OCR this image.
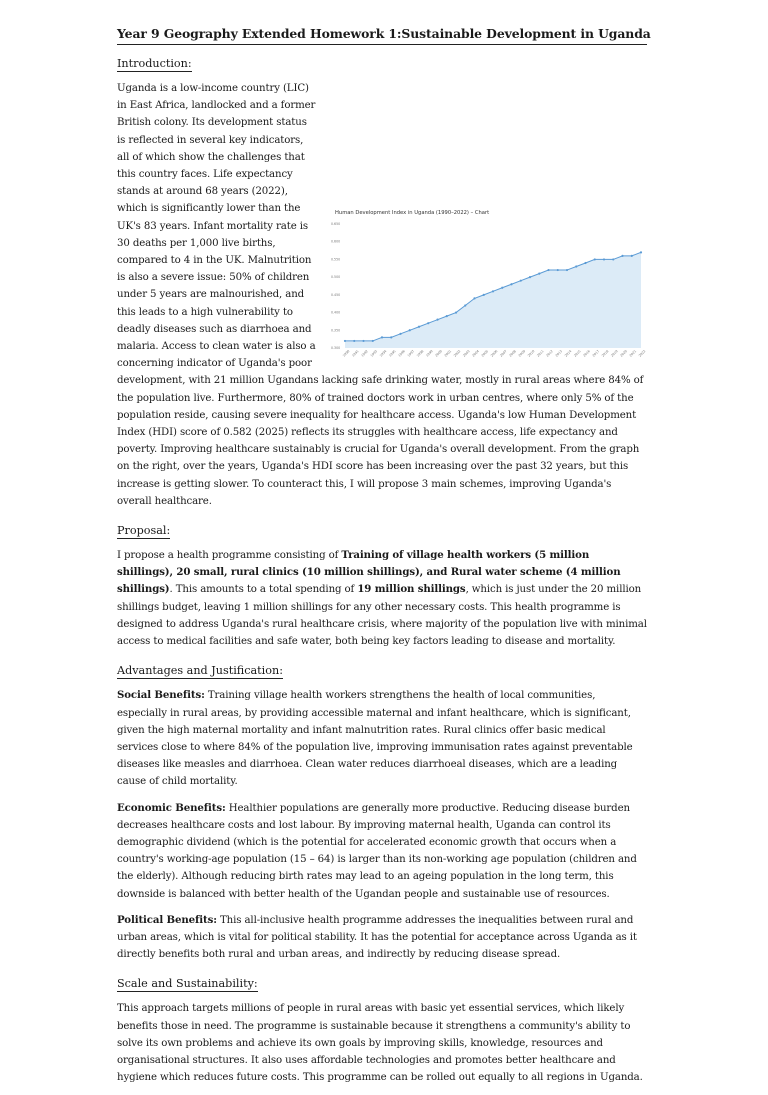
Year 9 Geography Extended Homework 1:Sustainable Development in Uganda
Introduction:
Human Development Index in Uganda (1990–2022) – Chart
0.300
0.350
0.400
0.450
0.500
0.550
0.600
0.650
1990 1991 1992 1993 1994 1995 1996 1997 1998 1999 2000 2001 2002 2003 2004 2005 2006 2007 2008 2009 2010 2011 2012 2013 2014 2015 2016 2017 2018 2019 2020 2021 2022

Uganda is a low-income country (LIC) in East Africa, landlocked and a former British colony. Its development status is reflected in several key indicators, all of which show the challenges that this country faces. Life expectancy stands at around 68 years (2022), which is significantly lower than the UK's 83 years. Infant mortality rate is 30 deaths per 1,000 live births, compared to 4 in the UK. Malnutrition is also a severe issue: 50% of children under 5 years are malnourished, and this leads to a high vulnerability to deadly diseases such as diarrhoea and malaria. Access to clean water is also a concerning indicator of Uganda's poor development, with 21 million Ugandans lacking safe drinking water, mostly in rural areas where 84% of the population live. Furthermore, 80% of trained doctors work in urban centres, where only 5% of the population reside, causing severe inequality for healthcare access. Uganda's low Human Development Index (HDI) score of 0.582 (2025) reflects its struggles with healthcare access, life expectancy and poverty. Improving healthcare sustainably is crucial for Uganda's overall development. From the graph on the right, over the years, Uganda's HDI score has been increasing over the past 32 years, but this increase is getting slower. To counteract this, I will propose 3 main schemes, improving Uganda's overall healthcare.

Proposal:

I propose a health programme consisting of Training of village health workers (5 million shillings), 20 small, rural clinics (10 million shillings), and Rural water scheme (4 million shillings). This amounts to a total spending of 19 million shillings, which is just under the 20 million shillings budget, leaving 1 million shillings for any other necessary costs. This health programme is designed to address Uganda's rural healthcare crisis, where majority of the population live with minimal access to medical facilities and safe water, both being key factors leading to disease and mortality.

Advantages and Justification:

Social Benefits: Training village health workers strengthens the health of local communities, especially in rural areas, by providing accessible maternal and infant healthcare, which is significant, given the high maternal mortality and infant malnutrition rates. Rural clinics offer basic medical services close to where 84% of the population live, improving immunisation rates against preventable diseases like measles and diarrhoea. Clean water reduces diarrhoeal diseases, which are a leading cause of child mortality.

Economic Benefits: Healthier populations are generally more productive. Reducing disease burden decreases healthcare costs and lost labour. By improving maternal health, Uganda can control its demographic dividend (which is the potential for accelerated economic growth that occurs when a country's working-age population (15 – 64) is larger than its non-working age population (children and the elderly). Although reducing birth rates may lead to an ageing population in the long term, this downside is balanced with better health of the Ugandan people and sustainable use of resources.

Political Benefits: This all-inclusive health programme addresses the inequalities between rural and urban areas, which is vital for political stability. It has the potential for acceptance across Uganda as it directly benefits both rural and urban areas, and indirectly by reducing disease spread.

Scale and Sustainability:

This approach targets millions of people in rural areas with basic yet essential services, which likely benefits those in need. The programme is sustainable because it strengthens a community's ability to solve its own problems and achieve its own goals by improving skills, knowledge, resources and organisational structures. It also uses affordable technologies and promotes better healthcare and hygiene which reduces future costs. This programme can be rolled out equally to all regions in Uganda.
